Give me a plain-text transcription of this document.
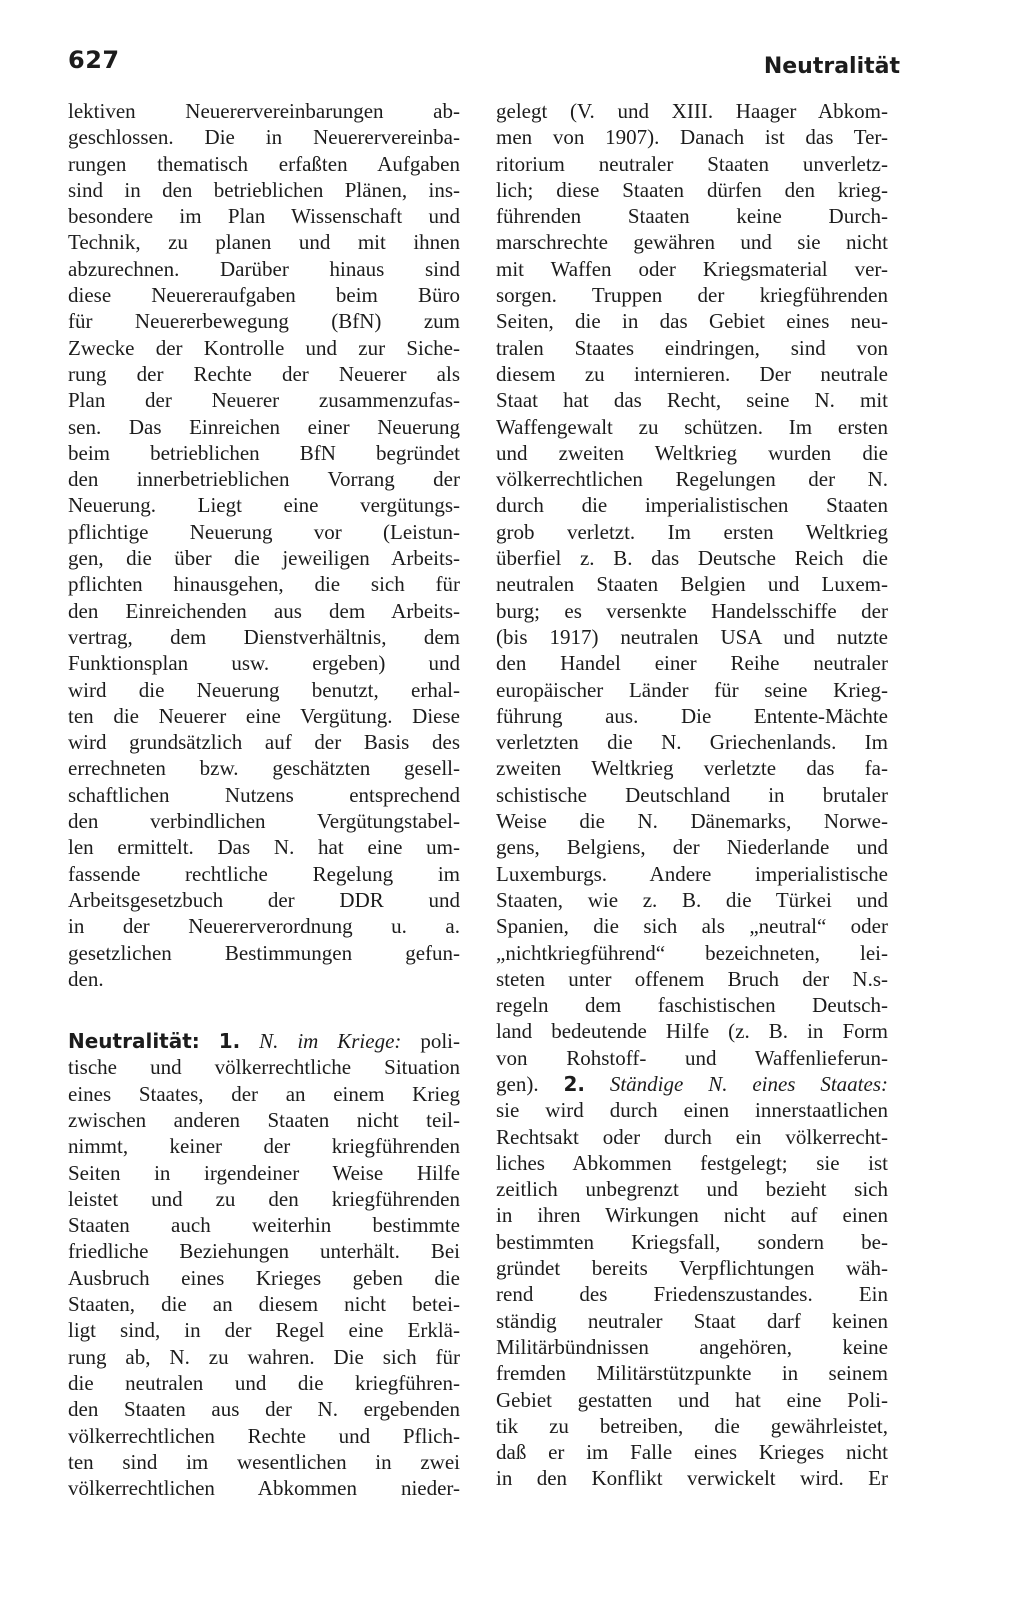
627	Neutralität
lektiven Neuerervereinbarungen ab-
geschlossen. Die in Neuerervereinba-
rungen thematisch erfaßten Aufgaben
sind in den betrieblichen Plänen, ins-
besondere im Plan Wissenschaft und
Technik, zu planen und mit ihnen
abzurechnen. Darüber hinaus sind
diese Neuereraufgaben beim Büro
für Neuererbewegung (BfN) zum
Zwecke der Kontrolle und zur Siche-
rung der Rechte der Neuerer als
Plan der Neuerer zusammenzufas-
sen. Das Einreichen einer Neuerung
beim betrieblichen BfN begründet
den innerbetrieblichen Vorrang der
Neuerung. Liegt eine vergütungs-
pflichtige Neuerung vor (Leistun-
gen, die über die jeweiligen Arbeits-
pflichten hinausgehen, die sich für
den Einreichenden aus dem Arbeits-
vertrag, dem Dienstverhältnis, dem
Funktionsplan usw. ergeben) und
wird die Neuerung benutzt, erhal-
ten die Neuerer eine Vergütung. Diese
wird grundsätzlich auf der Basis des
errechneten bzw. geschätzten gesell-
schaftlichen Nutzens entsprechend
den verbindlichen Vergütungstabel-
len ermittelt. Das N. hat eine um-
fassende rechtliche Regelung im
Arbeitsgesetzbuch der DDR und
in der Neuererverordnung u. a.
gesetzlichen Bestimmungen gefun-
den.
Neutralität: 1. N. im Kriege: poli-
tische und völkerrechtliche Situation
eines Staates, der an einem Krieg
zwischen anderen Staaten nicht teil-
nimmt, keiner der kriegführenden
Seiten in irgendeiner Weise Hilfe
leistet und zu den kriegführenden
Staaten auch weiterhin bestimmte
friedliche Beziehungen unterhält. Bei
Ausbruch eines Krieges geben die
Staaten, die an diesem nicht betei-
ligt sind, in der Regel eine Erklä-
rung ab, N. zu wahren. Die sich für
die neutralen und die kriegführen-
den Staaten aus der N. ergebenden
völkerrechtlichen Rechte und Pflich-
ten sind im wesentlichen in zwei
völkerrechtlichen Abkommen nieder-
gelegt (V. und XIII. Haager Abkom-
men von 1907). Danach ist das Ter-
ritorium neutraler Staaten unverletz-
lich; diese Staaten dürfen den krieg-
führenden Staaten keine Durch-
marschrechte gewähren und sie nicht
mit Waffen oder Kriegsmaterial ver-
sorgen. Truppen der kriegführenden
Seiten, die in das Gebiet eines neu-
tralen Staates eindringen, sind von
diesem zu internieren. Der neutrale
Staat hat das Recht, seine N. mit
Waffengewalt zu schützen. Im ersten
und zweiten Weltkrieg wurden die
völkerrechtlichen Regelungen der N.
durch die imperialistischen Staaten
grob verletzt. Im ersten Weltkrieg
überfiel z. B. das Deutsche Reich die
neutralen Staaten Belgien und Luxem-
burg; es versenkte Handelsschiffe der
(bis 1917) neutralen USA und nutzte
den Handel einer Reihe neutraler
europäischer Länder für seine Krieg-
führung aus. Die Entente-Mächte
verletzten die N. Griechenlands. Im
zweiten Weltkrieg verletzte das fa-
schistische Deutschland in brutaler
Weise die N. Dänemarks, Norwe-
gens, Belgiens, der Niederlande und
Luxemburgs. Andere imperialistische
Staaten, wie z. B. die Türkei und
Spanien, die sich als „neutral“ oder
„nichtkriegführend“ bezeichneten, lei-
steten unter offenem Bruch der N.s-
regeln dem faschistischen Deutsch-
land bedeutende Hilfe (z. B. in Form
von Rohstoff- und Waffenlieferun-
gen). 2. Ständige N. eines Staates:
sie wird durch einen innerstaatlichen
Rechtsakt oder durch ein völkerrecht-
liches Abkommen festgelegt; sie ist
zeitlich unbegrenzt und bezieht sich
in ihren Wirkungen nicht auf einen
bestimmten Kriegsfall, sondern be-
gründet bereits Verpflichtungen wäh-
rend des Friedenszustandes. Ein
ständig neutraler Staat darf keinen
Militärbündnissen angehören, keine
fremden Militärstützpunkte in seinem
Gebiet gestatten und hat eine Poli-
tik zu betreiben, die gewährleistet,
daß er im Falle eines Krieges nicht
in den Konflikt verwickelt wird. Er
